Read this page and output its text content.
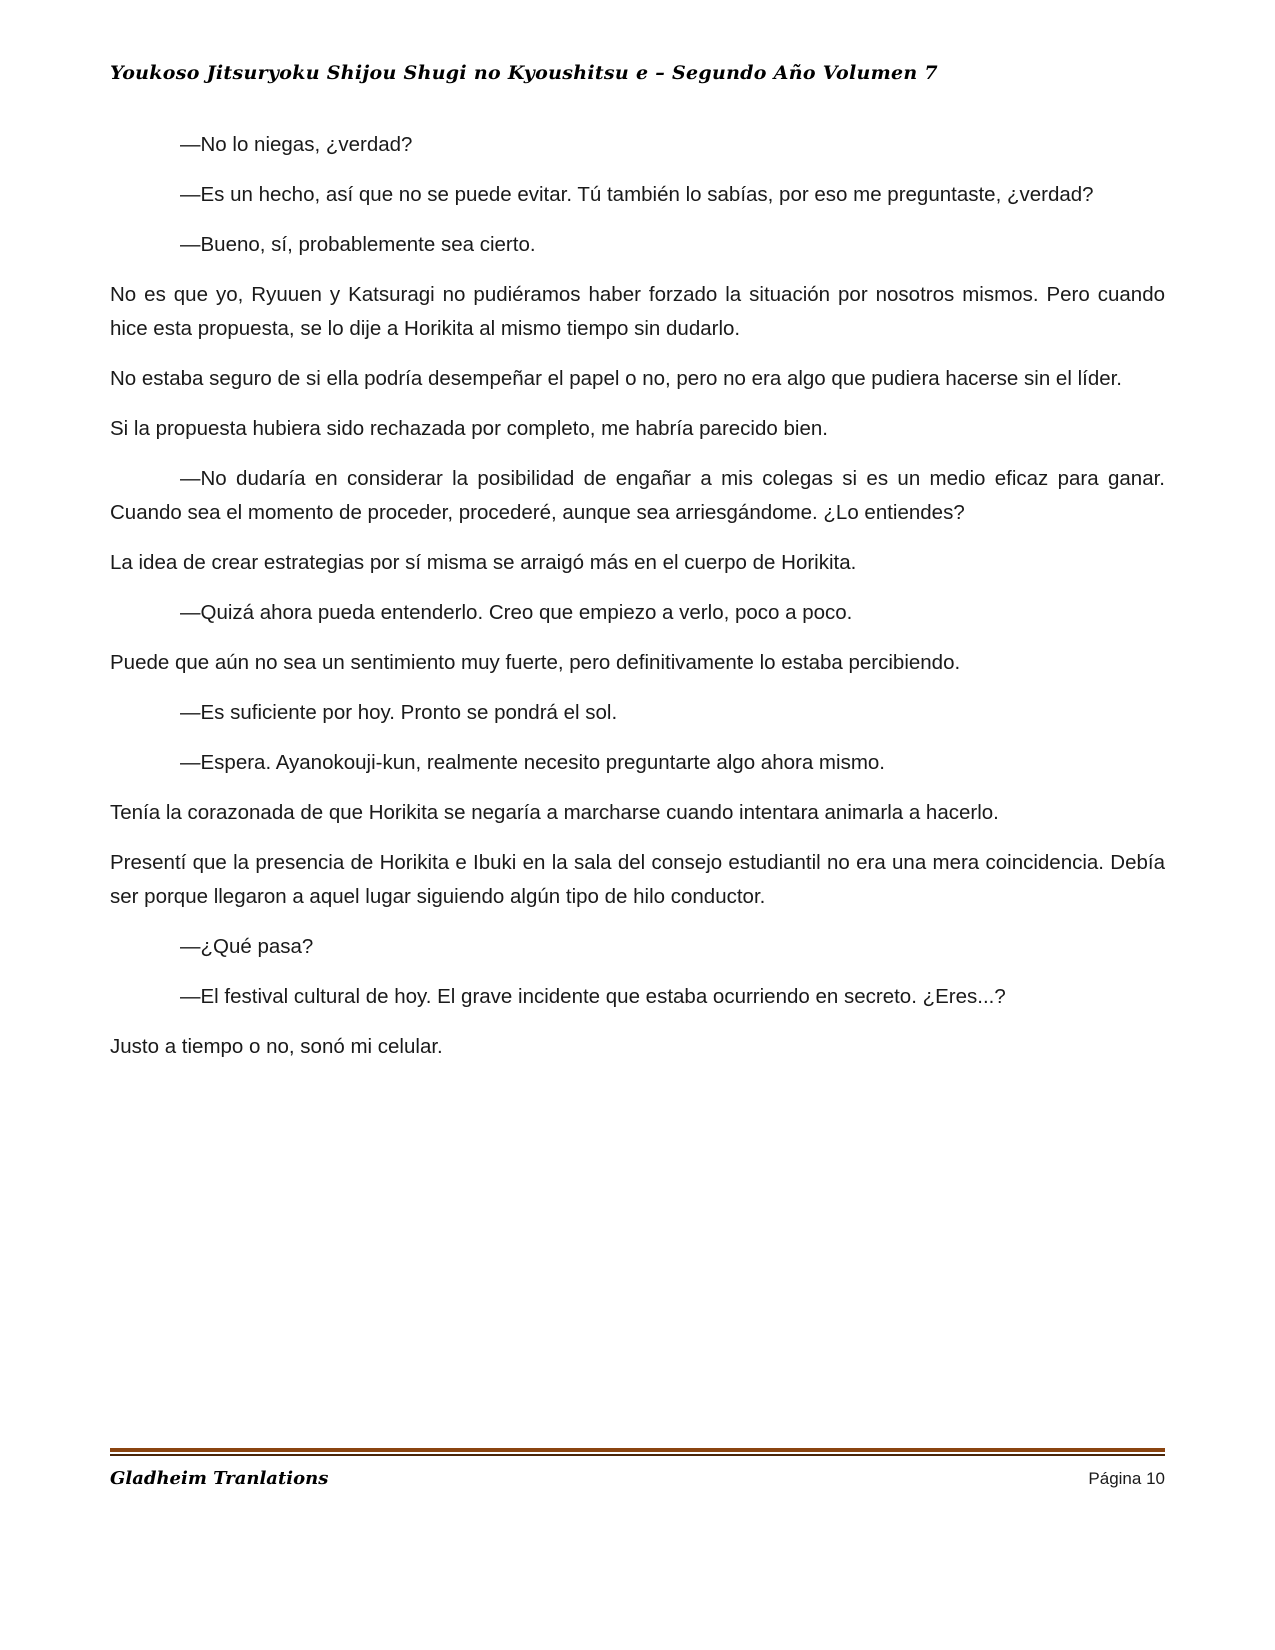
Youkoso Jitsuryoku Shijou Shugi no Kyoushitsu e – Segundo Año Volumen 7

—No lo niegas, ¿verdad?

—Es un hecho, así que no se puede evitar. Tú también lo sabías, por eso me preguntaste, ¿verdad?

—Bueno, sí, probablemente sea cierto.

No es que yo, Ryuuen y Katsuragi no pudiéramos haber forzado la situación por nosotros mismos. Pero cuando hice esta propuesta, se lo dije a Horikita al mismo tiempo sin dudarlo.

No estaba seguro de si ella podría desempeñar el papel o no, pero no era algo que pudiera hacerse sin el líder.

Si la propuesta hubiera sido rechazada por completo, me habría parecido bien.

—No dudaría en considerar la posibilidad de engañar a mis colegas si es un medio eficaz para ganar. Cuando sea el momento de proceder, procederé, aunque sea arriesgándome. ¿Lo entiendes?

La idea de crear estrategias por sí misma se arraigó más en el cuerpo de Horikita.

—Quizá ahora pueda entenderlo. Creo que empiezo a verlo, poco a poco.

Puede que aún no sea un sentimiento muy fuerte, pero definitivamente lo estaba percibiendo.

—Es suficiente por hoy. Pronto se pondrá el sol.

—Espera. Ayanokouji-kun, realmente necesito preguntarte algo ahora mismo.

Tenía la corazonada de que Horikita se negaría a marcharse cuando intentara animarla a hacerlo.

Presentí que la presencia de Horikita e Ibuki en la sala del consejo estudiantil no era una mera coincidencia. Debía ser porque llegaron a aquel lugar siguiendo algún tipo de hilo conductor.

—¿Qué pasa?

—El festival cultural de hoy. El grave incidente que estaba ocurriendo en secreto. ¿Eres...?

Justo a tiempo o no, sonó mi celular.

Gladheim Tranlations	Página 10
